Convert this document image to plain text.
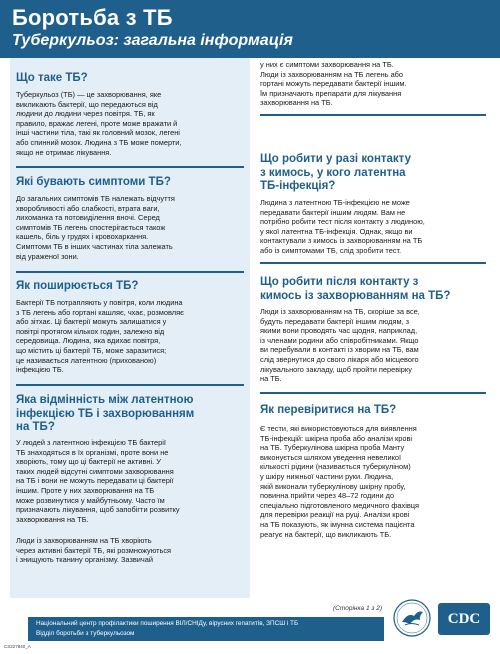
Боротьба з ТБ
Туберкульоз: загальна інформація
Що таке ТБ?
Туберкульоз (ТБ) — це захворювання, яке
викликають бактерії, що передаються від
людини до людини через повітря. ТБ, як
правило, вражає легені, проте може вражати й
інші частини тіла, такі як головний мозок, легені
або спинний мозок. Людина з ТБ може померти,
якщо не отримає лікування.
Які бувають симптоми ТБ?
До загальних симптомів ТБ належать відчуття
хворобливості або слабкості, втрата ваги,
лихоманка та потовиділення вночі. Серед
симптомів ТБ легень спостерігається також
кашель, біль у грудях і кровохаркання.
Симптоми ТБ в інших частинах тіла залежать
від ураженої зони.
Як поширюється ТБ?
Бактерії ТБ потрапляють у повітря, коли людина
з ТБ легень або гортані кашляє, чхає, розмовляє
або зітхає. Ці бактерії можуть залишатися у
повітрі протягом кількох годин, залежно від
середовища. Людина, яка вдихає повітря,
що містить ці бактерії ТБ, може заразитися;
це називається латентною (прихованою)
інфекцією ТБ.
Яка відмінність між латентною
інфекцією ТБ і захворюванням
на ТБ?
У людей з латентною інфекцією ТБ бактерії
ТБ знаходяться в їх організмі, проте вони не
хворіють, тому що ці бактерії не активні. У
таких людей відсутні симптоми захворювання
на ТБ і вони не можуть передавати ці бактерії
іншим. Проте у них захворювання на ТБ
може розвинутися у майбутньому. Часто їм
призначають лікування, щоб запобігти розвитку
захворювання на ТБ.
Люди із захворюванням на ТБ хворіють
через активні бактерії ТБ, які розмножуються
і знищують тканину організму. Зазвичай
у них є симптоми захворювання на ТБ.
Люди із захворюванням на ТБ легень або
гортані можуть передавати бактерії іншим.
Їм призначають препарати для лікування
захворювання на ТБ.
Що робити у разі контакту
з кимось, у кого латентна
ТБ-інфекція?
Людина з латентною ТБ-інфекцією не може
передавати бактерії іншим людям. Вам не
потрібно робити тест після контакту з людиною,
у якої латентна ТБ-інфекція. Однак, якщо ви
контактували з кимось із захворюванням на ТБ
або із симптомами ТБ, слід зробити тест.
Що робити після контакту з
кимось із захворюванням на ТБ?
Люди із захворюванням на ТБ, скоріше за все,
будуть передавати бактерії іншим людям, з
якими вони проводять час щодня, наприклад,
із членами родини або співробітниками. Якщо
ви перебували в контакті із хворим на ТБ, вам
слід звернутися до свого лікаря або місцевого
лікувального закладу, щоб пройти перевірку
на ТБ.
Як перевіритися на ТБ?
Є тести, які використовуються для виявлення
ТБ-інфекцій: шкірна проба або аналізи крові
на ТБ. Туберкулінова шкірна проба Манту
виконується шляхом уведення невеликої
кількості рідини (називається туберкуліном)
у шкіру нижньої частини руки. Людина,
якій виконали туберкулінову шкірну пробу,
повинна прийти через 48–72 години до
спеціально підготовленого медичного фахівця
для перевірки реакції на руці. Аналізи крові
на ТБ показують, як імунна система пацієнта
реагує на бактерії, що викликають ТБ.
(Сторінка 1 з 2)
Національний центр профілактики поширення ВІЛ/СНІДу, вірусних гепатитів, ЗПСШ і ТБ
Відділ боротьби з туберкульозом
CS227840_A
CDC
